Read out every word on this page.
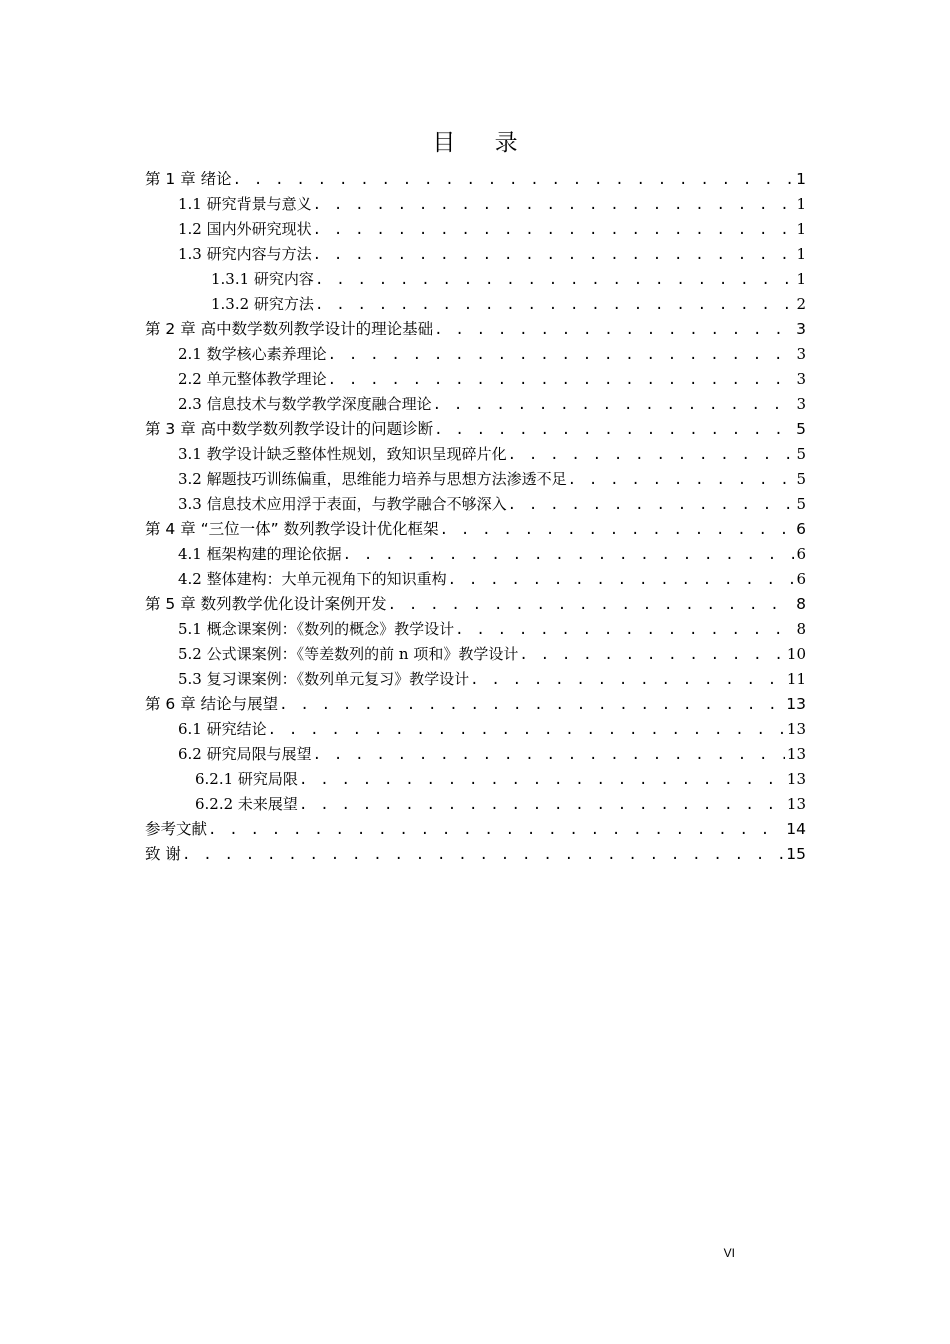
目 录
第 1 章 绪论 . . .	1
1.1 研究背景与意义 . . .	1
1.2 国内外研究现状 . . .	1
1.3 研究内容与方法 . . .	1
1.3.1 研究内容 . . .	1
1.3.2 研究方法 . . .	2
第 2 章 高中数学数列教学设计的理论基础 . . .	3
2.1 数学核心素养理论 . . .	3
2.2 单元整体教学理论 . . .	3
2.3 信息技术与数学教学深度融合理论 . . .	3
第 3 章 高中数学数列教学设计的问题诊断 . . .	5
3.1 教学设计缺乏整体性规划，致知识呈现碎片化 . . .	5
3.2 解题技巧训练偏重，思维能力培养与思想方法渗透不足 . . .	5
3.3 信息技术应用浮于表面，与教学融合不够深入 . . .	5
第 4 章 “三位一体” 数列教学设计优化框架 . . .	6
4.1 框架构建的理论依据 . . .	6
4.2 整体建构：大单元视角下的知识重构 . . .	6
第 5 章 数列教学优化设计案例开发 . . .	8
5.1 概念课案例：《数列的概念》教学设计 . . .	8
5.2 公式课案例：《等差数列的前 n 项和》教学设计 . . .	10
5.3 复习课案例：《数列单元复习》教学设计 . . .	11
第 6 章 结论与展望 . . .	13
6.1 研究结论 . . .	13
6.2 研究局限与展望 . . .	13
6.2.1 研究局限 . . .	13
6.2.2 未来展望 . . .	13
参考文献 . . .	14
致 谢 . . .	15
VI
